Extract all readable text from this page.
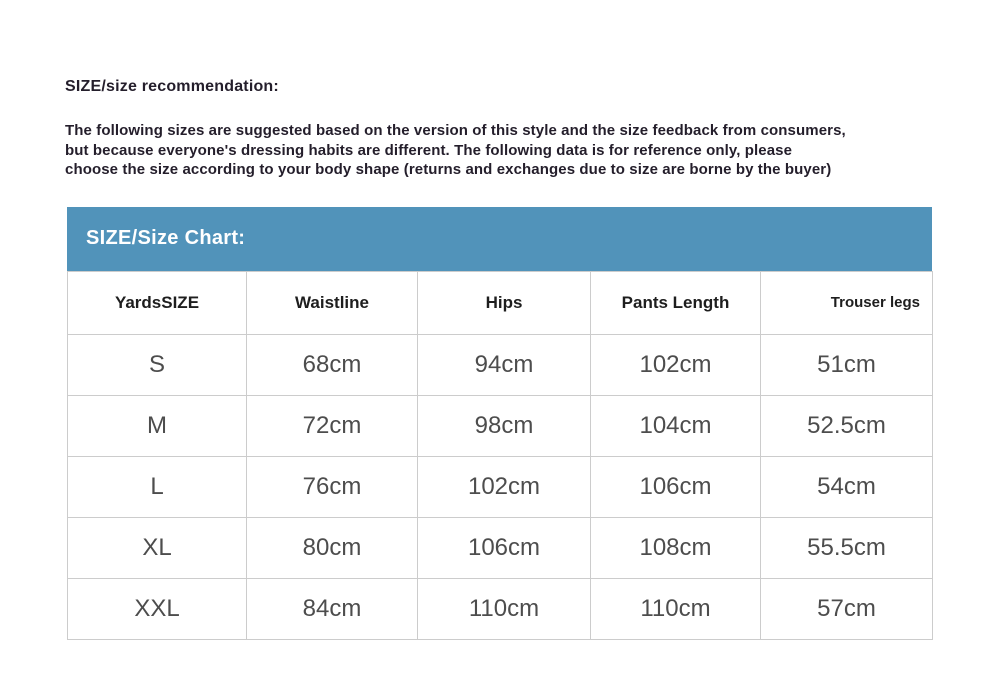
SIZE/size recommendation:
The following sizes are suggested based on the version of this style and the size feedback from consumers,
but because everyone's dressing habits are different. The following data is for reference only, please
choose the size according to your body shape (returns and exchanges due to size are borne by the buyer)
SIZE/Size Chart:
YardsSIZE	Waistline	Hips	Pants Length	Trouser legs
S	68cm	94cm	102cm	51cm
M	72cm	98cm	104cm	52.5cm
L	76cm	102cm	106cm	54cm
XL	80cm	106cm	108cm	55.5cm
XXL	84cm	110cm	110cm	57cm
